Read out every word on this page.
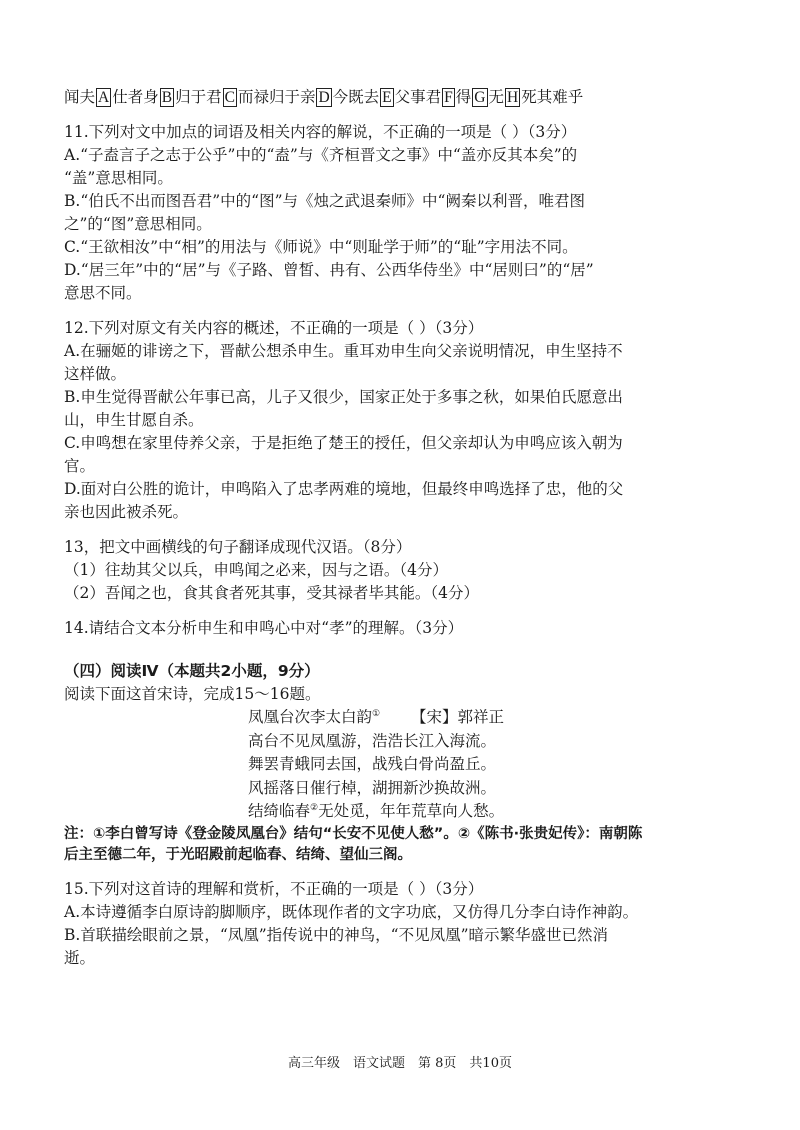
闻夫 A 仕者身 B 归于君 C 而禄归于亲 D 今既去 E 父事君 F 得 G 无 H 死其难乎
11.下列对文中加点的词语及相关内容的解说，不正确的一项是（ ）（3分）
A.“子盍言子之志于公乎”中的“盍”与《齐桓晋文之事》中“盖亦反其本矣”的
“盖”意思相同。
B.“伯氏不出而图吾君”中的“图”与《烛之武退秦师》中“阙秦以利晋，唯君图
之”的“图”意思相同。
C.“王欲相汝”中“相”的用法与《师说》中“则耻学于师”的“耻”字用法不同。
D.“居三年”中的“居”与《子路、曾皙、冉有、公西华侍坐》中“居则曰”的“居”
意思不同。
12.下列对原文有关内容的概述，不正确的一项是（ ）（3分）
A.在骊姬的诽谤之下，晋献公想杀申生。重耳劝申生向父亲说明情况，申生坚持不
这样做。
B.申生觉得晋献公年事已高，儿子又很少，国家正处于多事之秋，如果伯氏愿意出
山，申生甘愿自杀。
C.申鸣想在家里侍养父亲，于是拒绝了楚王的授任，但父亲却认为申鸣应该入朝为
官。
D.面对白公胜的诡计，申鸣陷入了忠孝两难的境地，但最终申鸣选择了忠，他的父
亲也因此被杀死。
13，把文中画横线的句子翻译成现代汉语。（8分）
（1）往劫其父以兵，申鸣闻之必来，因与之语。（4分）
（2）吾闻之也，食其食者死其事，受其禄者毕其能。（4分）
14.请结合文本分析申生和申鸣心中对“孝”的理解。（3分）
（四）阅读Ⅳ（本题共2小题，9分）
阅读下面这首宋诗，完成15～16题。
凤凰台次李太白韵① 【宋】郭祥正
高台不见凤凰游，浩浩长江入海流。
舞罢青蛾同去国，战残白骨尚盈丘。
风摇落日催行棹，湖拥新沙换故洲。
结绮临春②无处觅，年年荒草向人愁。
注：①李白曾写诗《登金陵凤凰台》结句“长安不见使人愁”。②《陈书·张贵妃传》：南朝陈
后主至德二年，于光昭殿前起临春、结绮、望仙三阁。
15.下列对这首诗的理解和赏析，不正确的一项是（ ）（3分）
A.本诗遵循李白原诗韵脚顺序，既体现作者的文字功底，又仿得几分李白诗作神韵。
B.首联描绘眼前之景，“凤凰”指传说中的神鸟，“不见凤凰”暗示繁华盛世已然消
逝。
高三年级　语文试题　第 8页　共10页
